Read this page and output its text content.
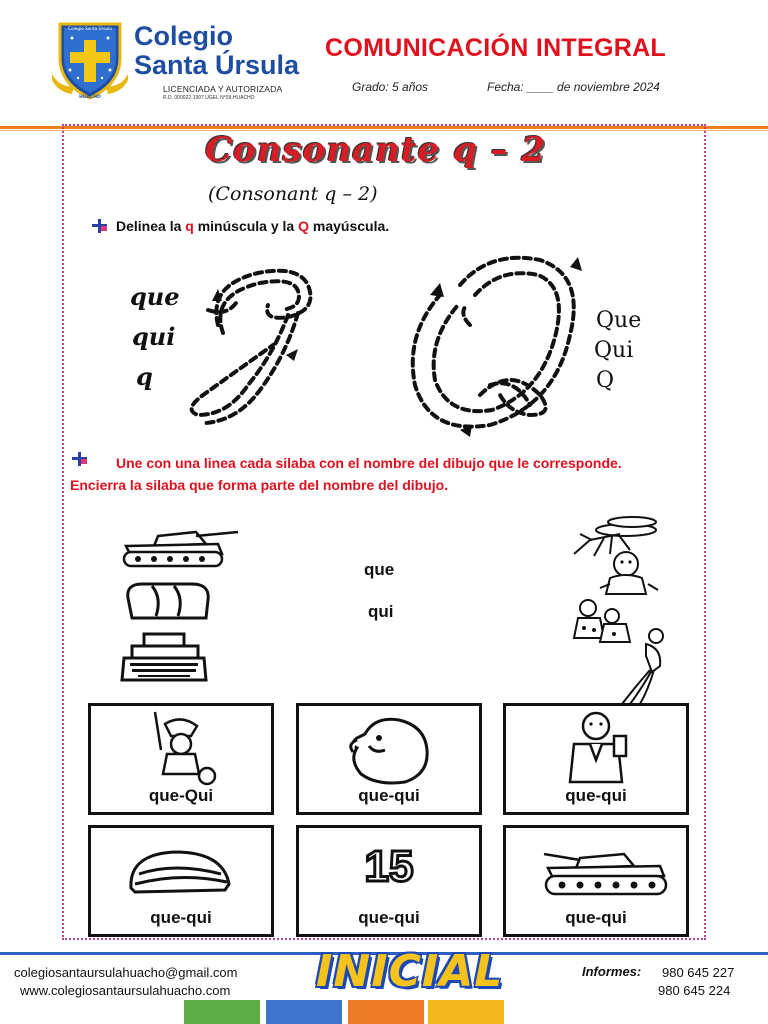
Colegio Santa Úrsula
HUACHO
Colegio
Santa Úrsula
LICENCIADA Y AUTORIZADA
R.D. 000022-1997 UGEL N°09-HUACHO
COMUNICACIÓN INTEGRAL
Grado: 5 años	Fecha: ____ de noviembre 2024
Consonante q – 2
(Consonant q – 2)
Delinea la q minúscula y la Q mayúscula.
que
qui
q
Que
Qui
Q
Une con una linea cada silaba con el nombre del dibujo que le corresponde.
Encierra la silaba que forma parte del nombre del dibujo.
que
qui
que-Qui	que-qui	que-qui
que-qui
15
que-qui	que-qui
colegiosantaursulahuacho@gmail.com
www.colegiosantaursulahuacho.com INICIAL	Informes: 980 645 227
980 645 224
